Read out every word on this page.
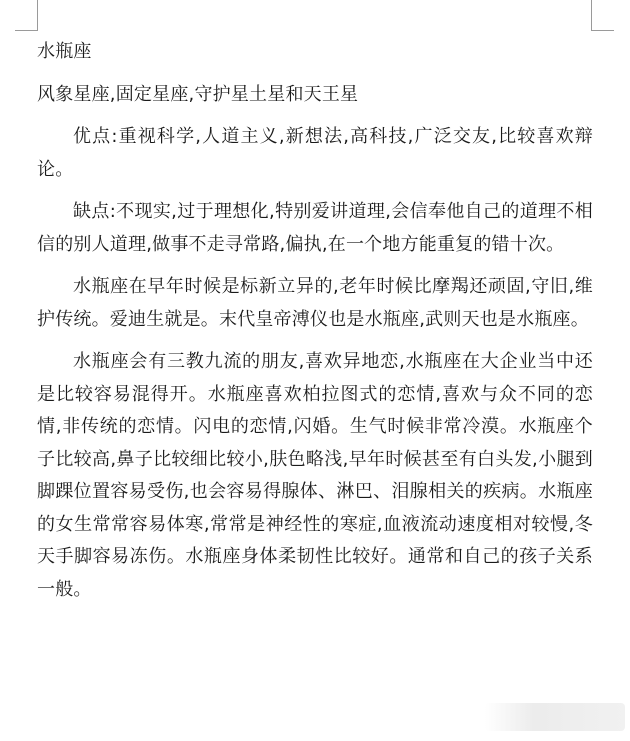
水瓶座

风象星座,固定星座,守护星土星和天王星

优点:重视科学,人道主义,新想法,高科技,广泛交友,比较喜欢辩论。

缺点:不现实,过于理想化,特别爱讲道理,会信奉他自己的道理不相信的别人道理,做事不走寻常路,偏执,在一个地方能重复的错十次。

水瓶座在早年时候是标新立异的,老年时候比摩羯还顽固,守旧,维护传统。爱迪生就是。末代皇帝溥仪也是水瓶座,武则天也是水瓶座。

水瓶座会有三教九流的朋友,喜欢异地恋,水瓶座在大企业当中还是比较容易混得开。水瓶座喜欢柏拉图式的恋情,喜欢与众不同的恋情,非传统的恋情。闪电的恋情,闪婚。生气时候非常冷漠。水瓶座个子比较高,鼻子比较细比较小,肤色略浅,早年时候甚至有白头发,小腿到脚踝位置容易受伤,也会容易得腺体、淋巴、泪腺相关的疾病。水瓶座的女生常常容易体寒,常常是神经性的寒症,血液流动速度相对较慢,冬天手脚容易冻伤。水瓶座身体柔韧性比较好。通常和自己的孩子关系一般。
